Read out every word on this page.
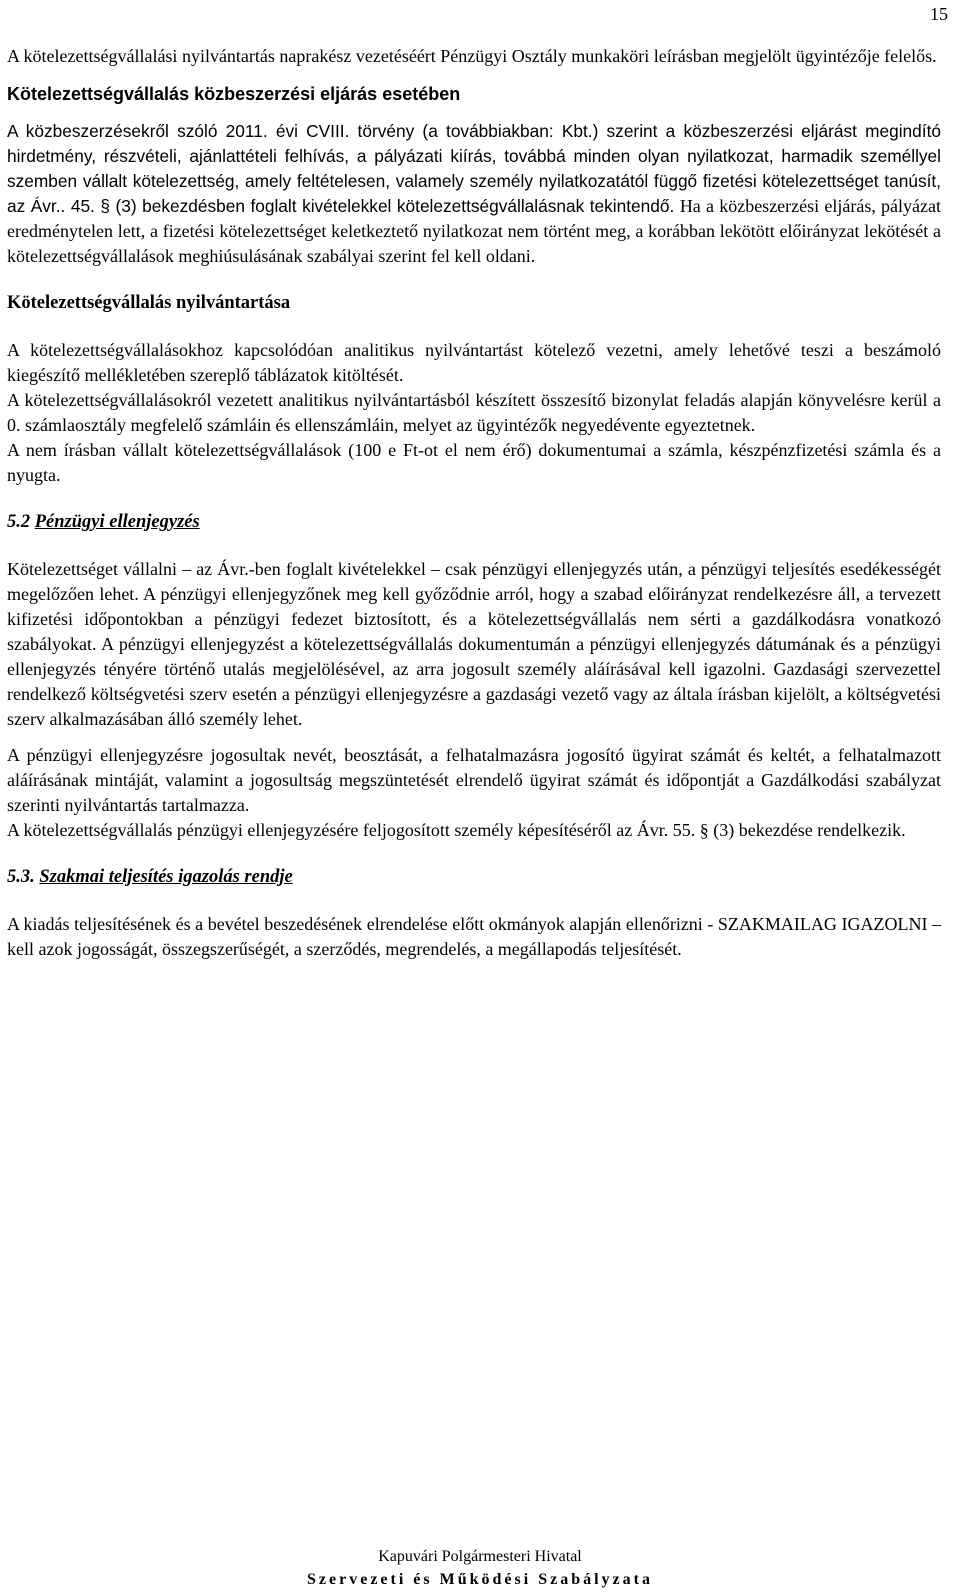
15

A kötelezettségvállalási nyilvántartás naprakész vezetéséért Pénzügyi Osztály munkaköri leírásban megjelölt ügyintézője felelős.

Kötelezettségvállalás közbeszerzési eljárás esetében

A közbeszerzésekről szóló 2011. évi CVIII. törvény (a továbbiakban: Kbt.) szerint a közbeszerzési eljárást megindító hirdetmény, részvételi, ajánlattételi felhívás, a pályázati kiírás, továbbá minden olyan nyilatkozat, harmadik személlyel szemben vállalt kötelezettség, amely feltételesen, valamely személy nyilatkozatától függő fizetési kötelezettséget tanúsít, az Ávr.. 45. § (3) bekezdésben foglalt kivételekkel kötelezettségvállalásnak tekintendő. Ha a közbeszerzési eljárás, pályázat eredménytelen lett, a fizetési kötelezettséget keletkeztető nyilatkozat nem történt meg, a korábban lekötött előirányzat lekötését a kötelezettségvállalások meghiúsulásának szabályai szerint fel kell oldani.

Kötelezettségvállalás nyilvántartása

A kötelezettségvállalásokhoz kapcsolódóan analitikus nyilvántartást kötelező vezetni, amely lehetővé teszi a beszámoló kiegészítő mellékletében szereplő táblázatok kitöltését.

A kötelezettségvállalásokról vezetett analitikus nyilvántartásból készített összesítő bizonylat feladás alapján könyvelésre kerül a 0. számlaosztály megfelelő számláin és ellenszámláin, melyet az ügyintézők negyedévente egyeztetnek.

A nem írásban vállalt kötelezettségvállalások (100 e Ft-ot el nem érő) dokumentumai a számla, készpénzfizetési számla és a nyugta.

5.2 Pénzügyi ellenjegyzés

Kötelezettséget vállalni – az Ávr.-ben foglalt kivételekkel – csak pénzügyi ellenjegyzés után, a pénzügyi teljesítés esedékességét megelőzően lehet. A pénzügyi ellenjegyzőnek meg kell győződnie arról, hogy a szabad előirányzat rendelkezésre áll, a tervezett kifizetési időpontokban a pénzügyi fedezet biztosított, és a kötelezettségvállalás nem sérti a gazdálkodásra vonatkozó szabályokat. A pénzügyi ellenjegyzést a kötelezettségvállalás dokumentumán a pénzügyi ellenjegyzés dátumának és a pénzügyi ellenjegyzés tényére történő utalás megjelölésével, az arra jogosult személy aláírásával kell igazolni. Gazdasági szervezettel rendelkező költségvetési szerv esetén a pénzügyi ellenjegyzésre a gazdasági vezető vagy az általa írásban kijelölt, a költségvetési szerv alkalmazásában álló személy lehet.

A pénzügyi ellenjegyzésre jogosultak nevét, beosztását, a felhatalmazásra jogosító ügyirat számát és keltét, a felhatalmazott aláírásának mintáját, valamint a jogosultság megszüntetését elrendelő ügyirat számát és időpontját a Gazdálkodási szabályzat szerinti nyilvántartás tartalmazza.

A kötelezettségvállalás pénzügyi ellenjegyzésére feljogosított személy képesítéséről az Ávr. 55. § (3) bekezdése rendelkezik.

5.3. Szakmai teljesítés igazolás rendje

A kiadás teljesítésének és a bevétel beszedésének elrendelése előtt okmányok alapján ellenőrizni - SZAKMAILAG IGAZOLNI – kell azok jogosságát, összegszerűségét, a szerződés, megrendelés, a megállapodás teljesítését.

Kapuvári Polgármesteri Hivatal
Szervezeti és Működési Szabályzata
